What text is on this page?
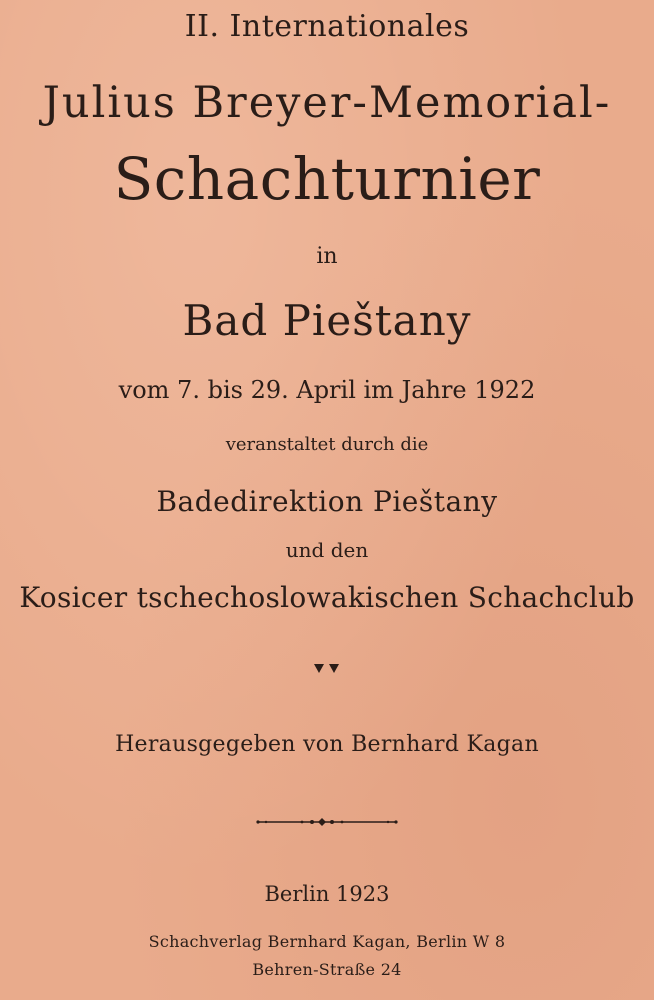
II. Internationales

Julius Breyer-Memorial-

Schachturnier

in

Bad Pieštany

vom 7. bis 29. April im Jahre 1922

veranstaltet durch die

Badedirektion Pieštany

und den

Kosicer tschechoslowakischen Schachclub

Herausgegeben von Bernhard Kagan

Berlin 1923

Schachverlag Bernhard Kagan, Berlin W 8

Behren-Straße 24
